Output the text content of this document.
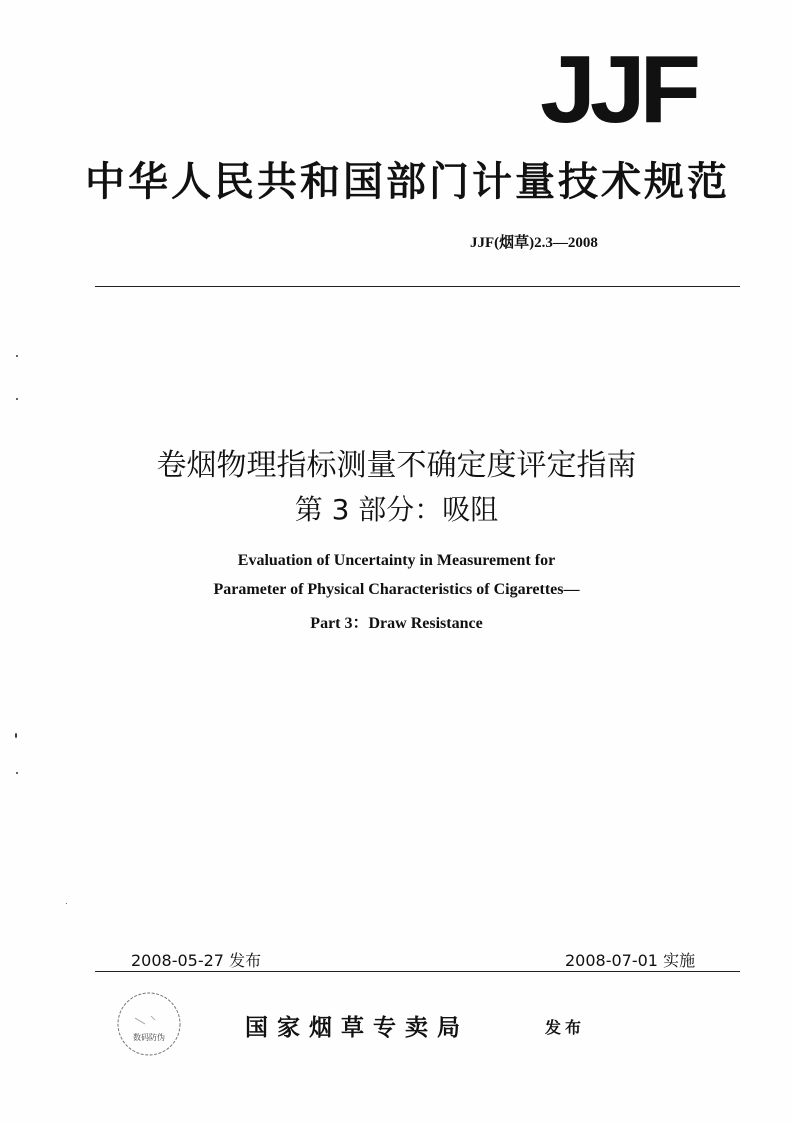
JJF
中华人民共和国部门计量技术规范
JJF(烟草)2.3—2008
卷烟物理指标测量不确定度评定指南
第 3 部分：吸阻
Evaluation of Uncertainty in Measurement for
Parameter of Physical Characteristics of Cigarettes—
Part 3：Draw Resistance
2008-05-27 发布	2008-07-01 实施
数码防伪	国家烟草专卖局	发布
